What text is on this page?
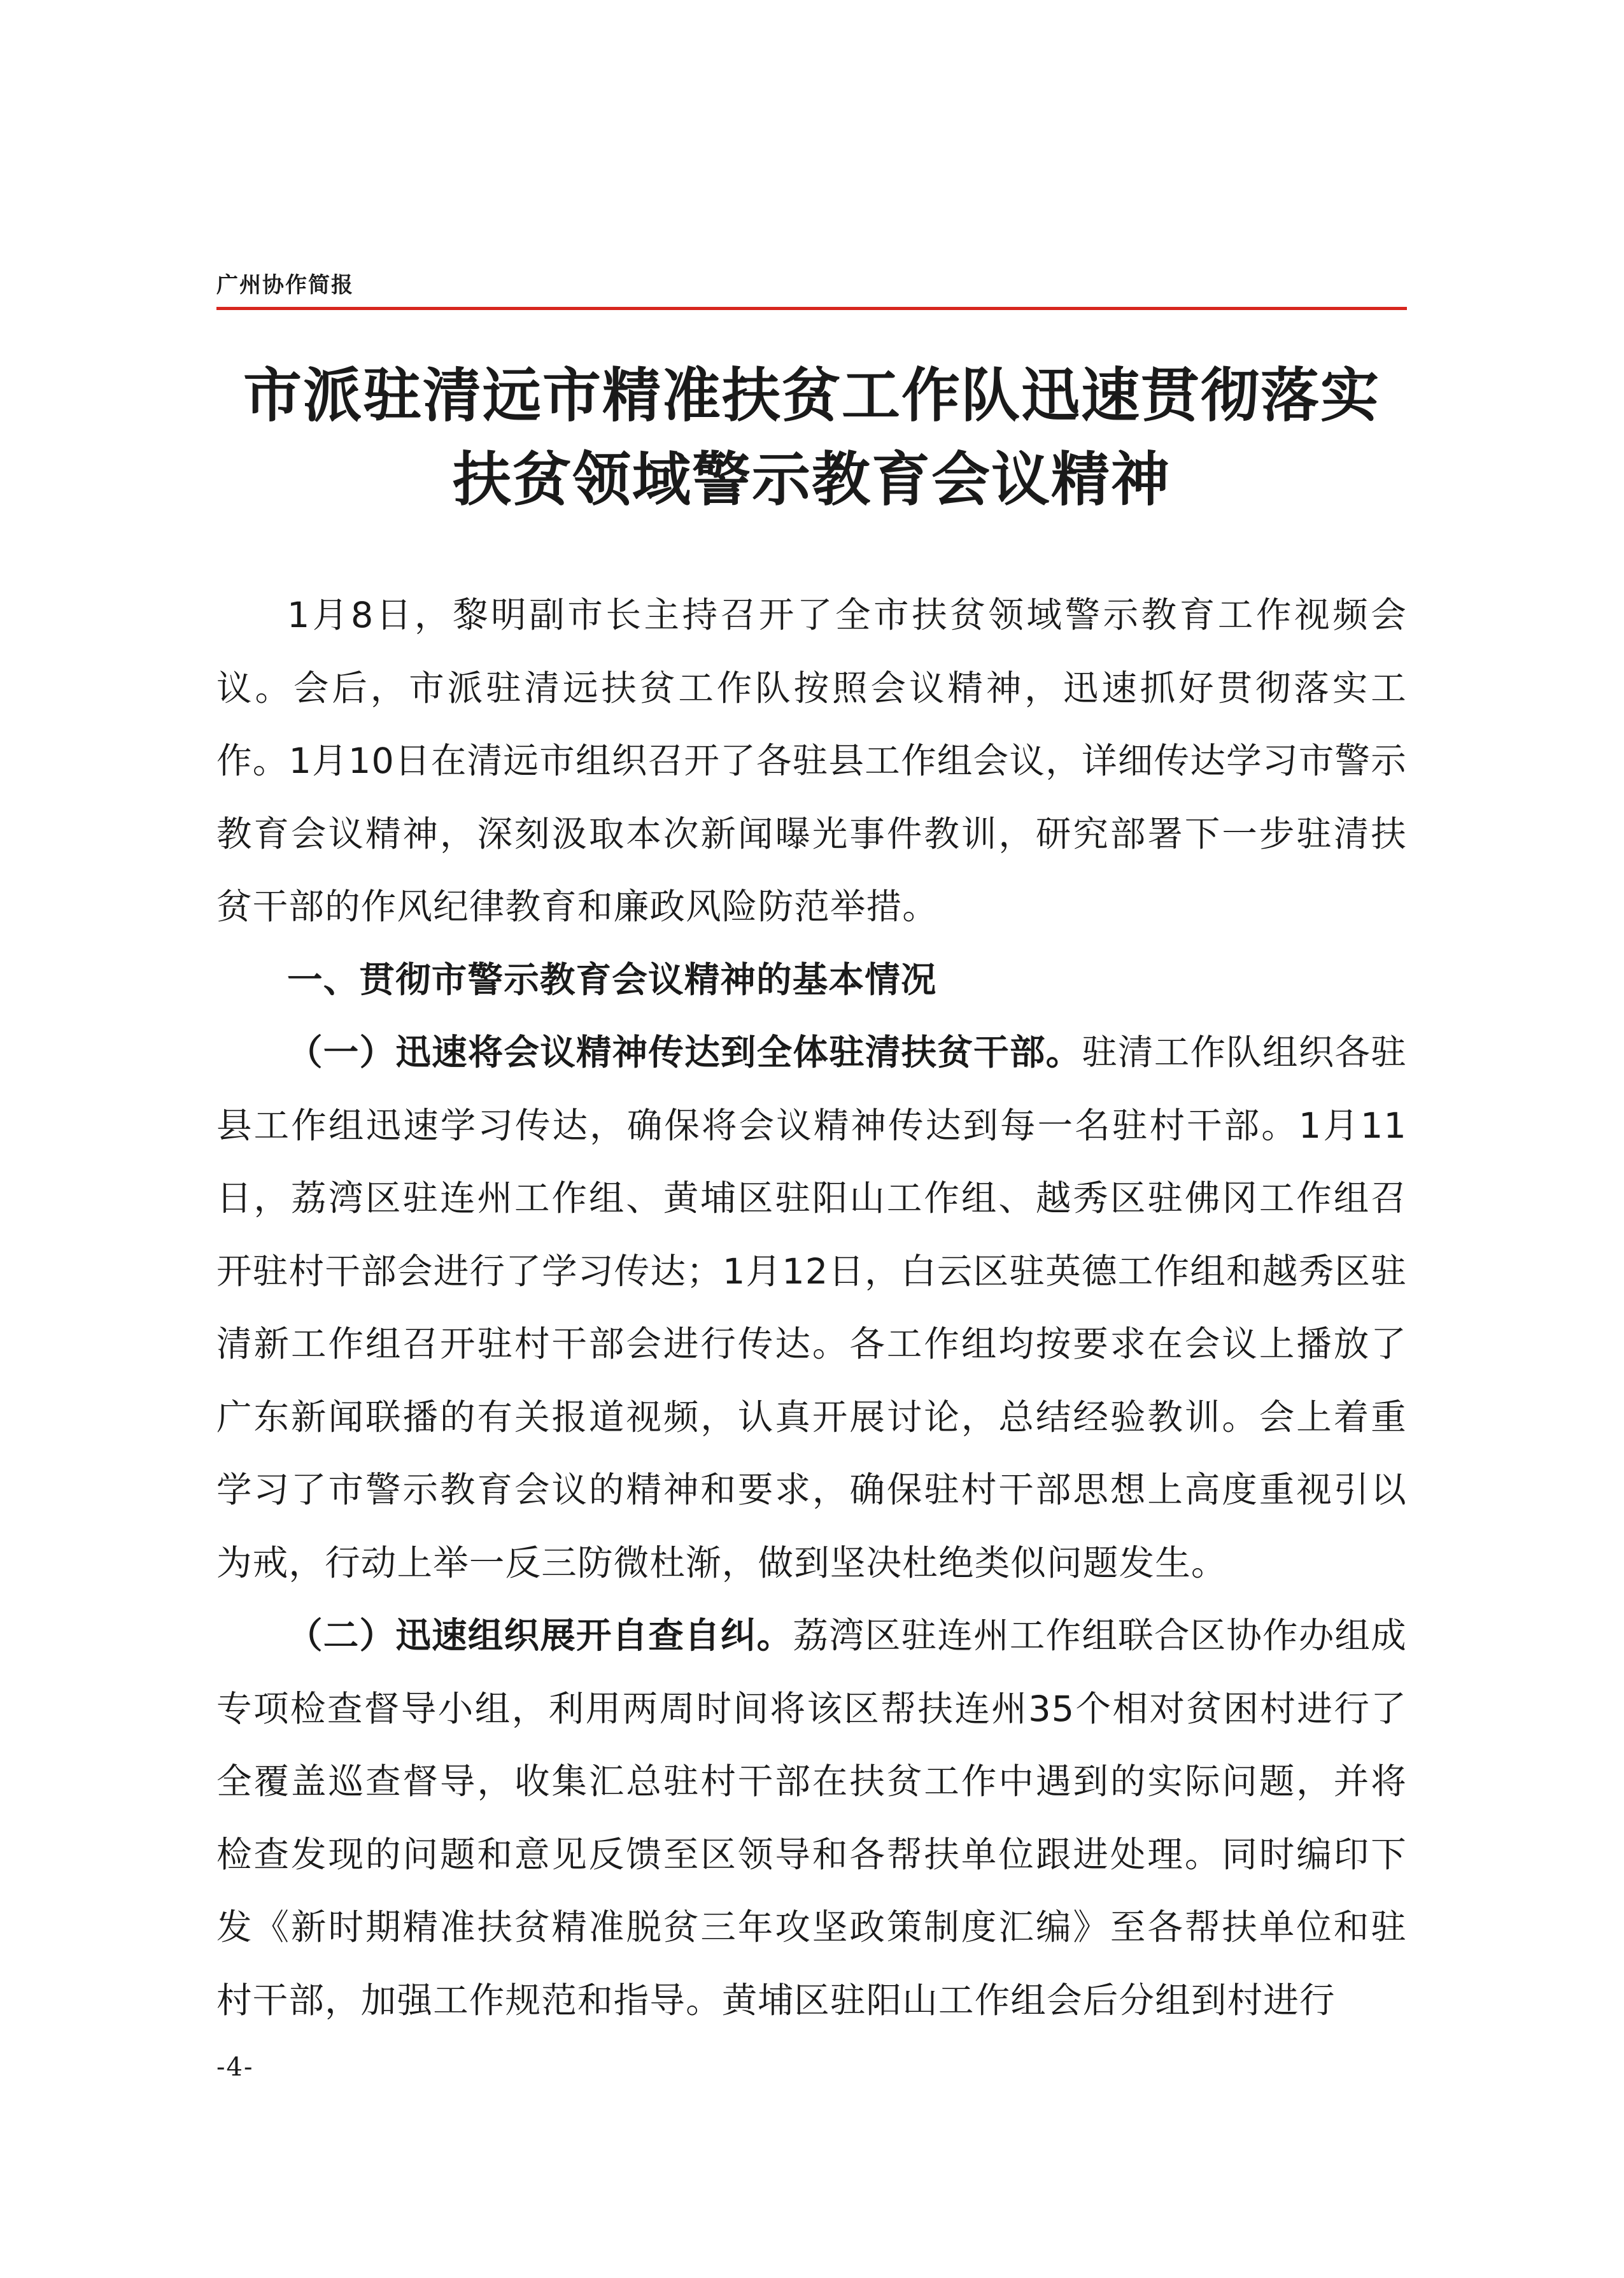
广州协作简报
市派驻清远市精准扶贫工作队迅速贯彻落实
扶贫领域警示教育会议精神

1月8日，黎明副市长主持召开了全市扶贫领域警示教育工作视频会议。会后，市派驻清远扶贫工作队按照会议精神，迅速抓好贯彻落实工作。1月10日在清远市组织召开了各驻县工作组会议，详细传达学习市警示教育会议精神，深刻汲取本次新闻曝光事件教训，研究部署下一步驻清扶贫干部的作风纪律教育和廉政风险防范举措。

一、贯彻市警示教育会议精神的基本情况

（一）迅速将会议精神传达到全体驻清扶贫干部。驻清工作队组织各驻县工作组迅速学习传达，确保将会议精神传达到每一名驻村干部。1月11日，荔湾区驻连州工作组、黄埔区驻阳山工作组、越秀区驻佛冈工作组召开驻村干部会进行了学习传达；1月12日，白云区驻英德工作组和越秀区驻清新工作组召开驻村干部会进行传达。各工作组均按要求在会议上播放了广东新闻联播的有关报道视频，认真开展讨论，总结经验教训。会上着重学习了市警示教育会议的精神和要求，确保驻村干部思想上高度重视引以为戒，行动上举一反三防微杜渐，做到坚决杜绝类似问题发生。

（二）迅速组织展开自查自纠。荔湾区驻连州工作组联合区协作办组成专项检查督导小组，利用两周时间将该区帮扶连州35个相对贫困村进行了全覆盖巡查督导，收集汇总驻村干部在扶贫工作中遇到的实际问题，并将检查发现的问题和意见反馈至区领导和各帮扶单位跟进处理。同时编印下发《新时期精准扶贫精准脱贫三年攻坚政策制度汇编》至各帮扶单位和驻村干部，加强工作规范和指导。黄埔区驻阳山工作组会后分组到村进行

-4-
